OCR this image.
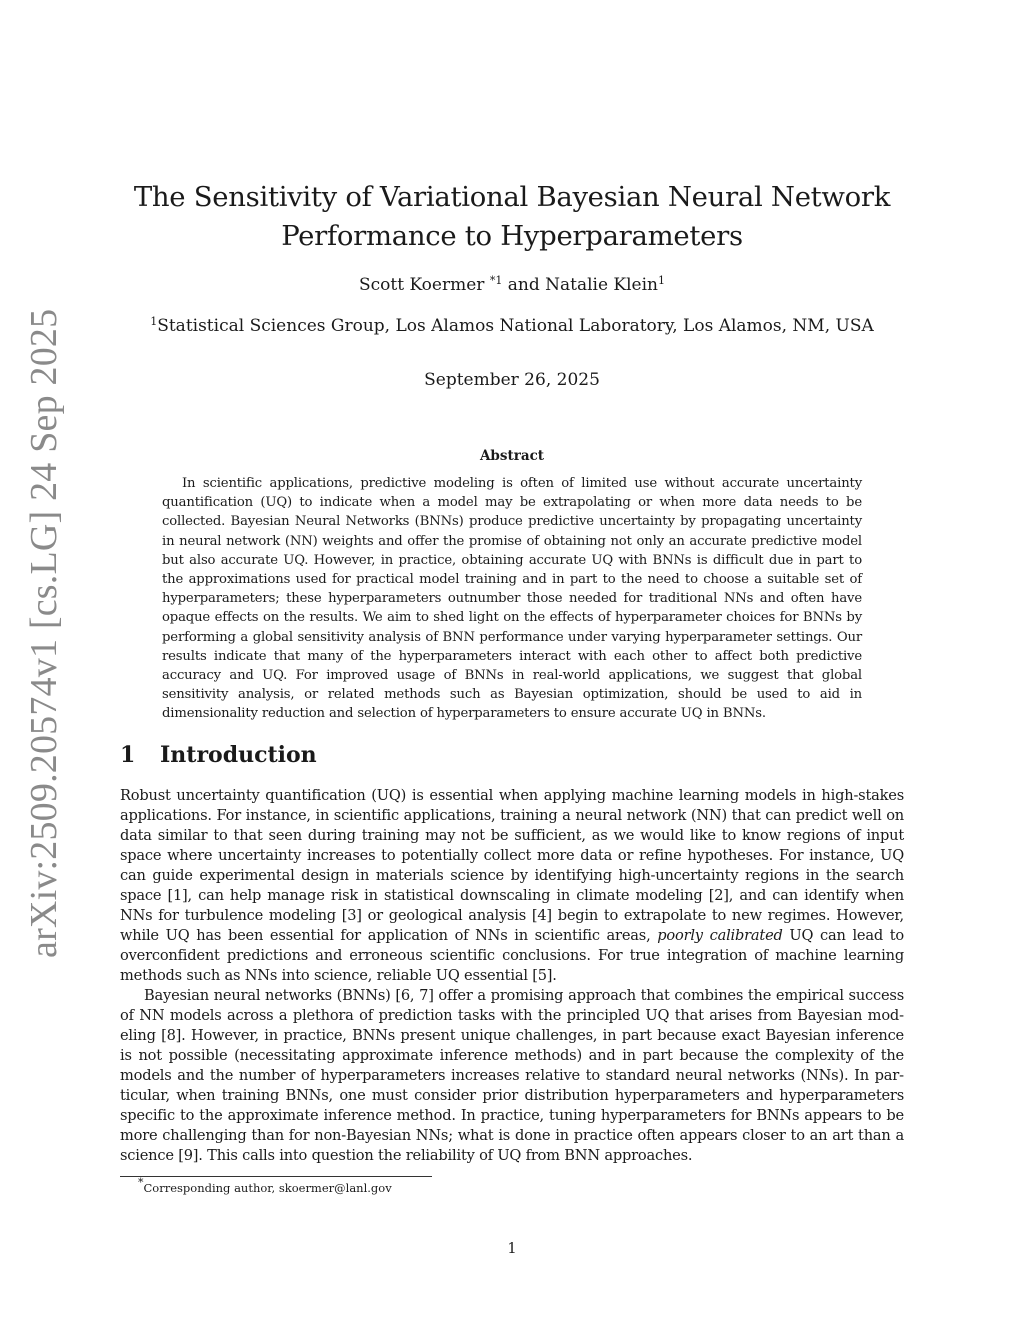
arXiv:2509.20574v1 [cs.LG] 24 Sep 2025
The Sensitivity of Variational Bayesian Neural Network
Performance to Hyperparameters
Scott Koermer $^{*1}$ and Natalie Klein$^1$
$^1$Statistical Sciences Group, Los Alamos National Laboratory, Los Alamos, NM, USA
September 26, 2025
Abstract

In scientific applications, predictive modeling is often of limited use without accurate uncertainty quantification (UQ) to indicate when a model may be extrapolating or when more data needs to be collected. Bayesian Neural Networks (BNNs) produce predictive uncertainty by propagating uncertainty in neural network (NN) weights and offer the promise of obtaining not only an accurate predictive model but also accurate UQ. However, in practice, obtaining accurate UQ with BNNs is difficult due in part to the approximations used for practical model training and in part to the need to choose a suitable set of hyperparameters; these hyperparameters outnumber those needed for traditional NNs and often have opaque effects on the results. We aim to shed light on the effects of hyperparameter choices for BNNs by performing a global sensitivity analysis of BNN performance under varying hyperparameter settings. Our results indicate that many of the hyperparameters interact with each other to affect both predictive accuracy and UQ. For improved usage of BNNs in real-world applications, we suggest that global sensitivity analysis, or related methods such as Bayesian optimization, should be used to aid in dimensionality reduction and selection of hyperparameters to ensure accurate UQ in BNNs.

1 Introduction

Robust uncertainty quantification (UQ) is essential when applying machine learning models in high-stakes applications. For instance, in scientific applications, training a neural network (NN) that can predict well on data similar to that seen during training may not be sufficient, as we would like to know regions of input space where uncertainty increases to potentially collect more data or refine hypotheses. For instance, UQ can guide experimental design in materials science by identifying high-uncertainty regions in the search space [1], can help manage risk in statistical downscaling in climate modeling [2], and can identify when NNs for turbulence modeling [3] or geological analysis [4] begin to extrapolate to new regimes. However, while UQ has been essential for application of NNs in scientific areas, poorly calibrated UQ can lead to overconfident predictions and erroneous scientific conclusions. For true integration of machine learning methods such as NNs into science, reliable UQ essential [5].

Bayesian neural networks (BNNs) [6, 7] offer a promising approach that combines the empirical success of NN models across a plethora of prediction tasks with the principled UQ that arises from Bayesian modeling [8]. However, in practice, BNNs present unique challenges, in part because exact Bayesian inference is not possible (necessitating approximate inference methods) and in part because the complexity of the models and the number of hyperparameters increases relative to standard neural networks (NNs). In particular, when training BNNs, one must consider prior distribution hyperparameters and hyperparameters specific to the approximate inference method. In practice, tuning hyperparameters for BNNs appears to be more challenging than for non-Bayesian NNs; what is done in practice often appears closer to an art than a science [9]. This calls into question the reliability of UQ from BNN approaches.

*Corresponding author, skoermer@lanl.gov
1
